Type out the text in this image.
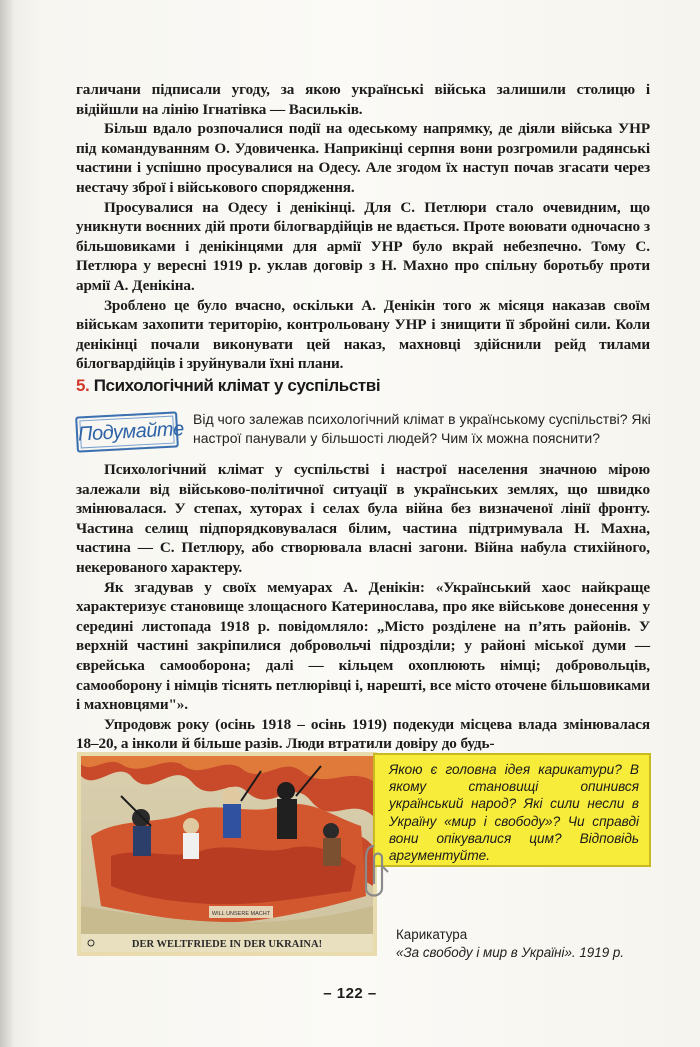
галичани підписали угоду, за якою українські війська залишили столицю і відійшли на лінію Ігнатівка — Васильків.

Більш вдало розпочалися події на одеському напрямку, де діяли війська УНР під командуванням О. Удовиченка. Наприкінці серпня вони розгромили радянські частини і успішно просувалися на Одесу. Але згодом їх наступ почав згасати через нестачу зброї і військового спорядження.

Просувалися на Одесу і денікінці. Для С. Петлюри стало очевидним, що уникнути воєнних дій проти білогвардійців не вдається. Проте воювати одночасно з більшовиками і денікінцями для армії УНР було вкрай небезпечно. Тому С. Петлюра у вересні 1919 р. уклав договір з Н. Махно про спільну боротьбу проти армії А. Денікіна.

Зроблено це було вчасно, оскільки А. Денікін того ж місяця наказав своїм військам захопити територію, контрольовану УНР і знищити її збройні сили. Коли денікінці почали виконувати цей наказ, махновці здійснили рейд тилами білогвардійців і зруйнували їхні плани.

5. Психологічний клімат у суспільстві
Подумайте Від чого залежав психологічний клімат в українському суспільстві? Які настрої панували у більшості людей? Чим їх можна пояснити?

Психологічний клімат у суспільстві і настрої населення значною мірою залежали від військово-політичної ситуації в українських землях, що швидко змінювалася. У степах, хуторах і селах була війна без визначеної лінії фронту. Частина селищ підпорядковувалася білим, частина підтримувала Н. Махна, частина — С. Петлюру, або створювала власні загони. Війна набула стихійного, некерованого характеру.

Як згадував у своїх мемуарах А. Денікін: «Український хаос найкраще характеризує становище злощасного Катеринослава, про яке військове донесення у середині листопада 1918 р. повідомляло: „Місто розділене на п’ять районів. У верхній частині закріпилися добровольчі підрозділи; у районі міської думи — єврейська самооборона; далі — кільцем охоплюють німці; добровольців, самооборону і німців тіснять петлюрівці і, нарешті, все місто оточене більшовиками і махновцями"».

Упродовж року (осінь 1918 – осінь 1919) подекуди місцева влада змінювалася 18–20, а інколи й більше разів. Люди втратили довіру до будь-

WILL UNSERE MACHT
DER WELTFRIEDE IN DER UKRAINA!
Якою є головна ідея карикатури? В якому становищі опинився український народ? Які сили несли в Україну «мир і свободу»? Чи справді вони опікувалися цим? Відповідь аргументуйте.
Карикатура
«За свободу і мир в Україні». 1919 р.
– 122 –
